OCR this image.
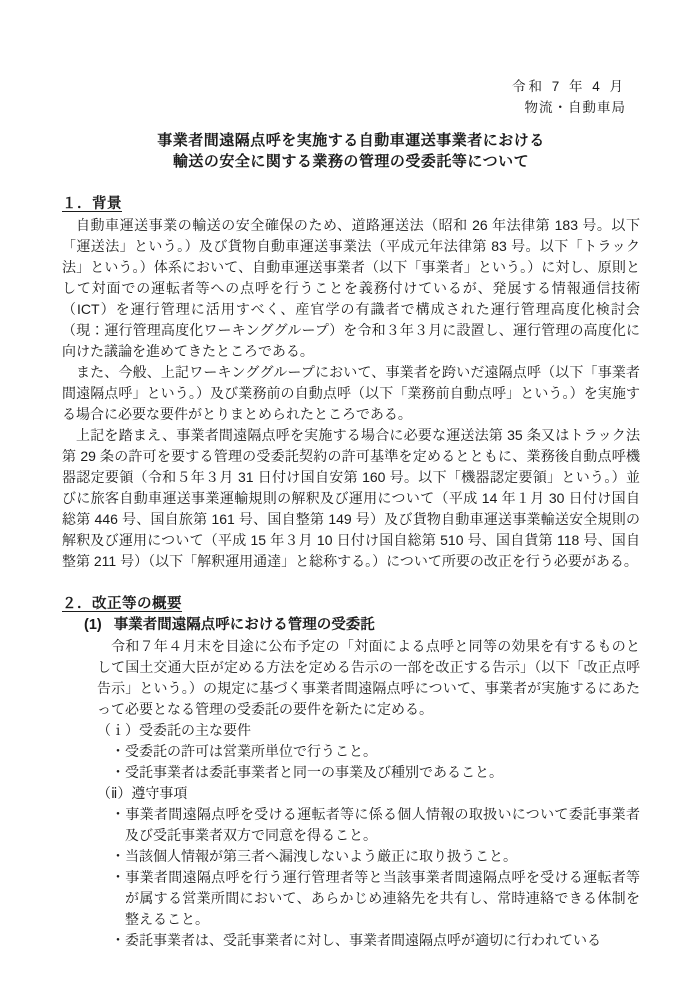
令和 7 年 4 月
物流・自動車局
事業者間遠隔点呼を実施する自動車運送事業者における
輸送の安全に関する業務の管理の受委託等について
１．背景

自動車運送事業の輸送の安全確保のため、道路運送法（昭和 26 年法律第 183 号。以下「運送法」という。）及び貨物自動車運送事業法（平成元年法律第 83 号。以下「トラック法」という。）体系において、自動車運送事業者（以下「事業者」という。）に対し、原則として対面での運転者等への点呼を行うことを義務付けているが、発展する情報通信技術（ICT）を運行管理に活用すべく、産官学の有識者で構成された運行管理高度化検討会（現：運行管理高度化ワーキンググループ）を令和３年３月に設置し、運行管理の高度化に向けた議論を進めてきたところである。

また、今般、上記ワーキンググループにおいて、事業者を跨いだ遠隔点呼（以下「事業者間遠隔点呼」という。）及び業務前の自動点呼（以下「業務前自動点呼」という。）を実施する場合に必要な要件がとりまとめられたところである。

上記を踏まえ、事業者間遠隔点呼を実施する場合に必要な運送法第 35 条又はトラック法第 29 条の許可を要する管理の受委託契約の許可基準を定めるとともに、業務後自動点呼機器認定要領（令和５年３月 31 日付け国自安第 160 号。以下「機器認定要領」という。）並びに旅客自動車運送事業運輸規則の解釈及び運用について（平成 14 年１月 30 日付け国自総第 446 号、国自旅第 161 号、国自整第 149 号）及び貨物自動車運送事業輸送安全規則の解釈及び運用について（平成 15 年３月 10 日付け国自総第 510 号、国自貨第 118 号、国自整第 211 号）（以下「解釈運用通達」と総称する。）について所要の改正を行う必要がある。

２．改正等の概要
(1) 事業者間遠隔点呼における管理の受委託

令和７年４月末を目途に公布予定の「対面による点呼と同等の効果を有するものとして国土交通大臣が定める方法を定める告示の一部を改正する告示」（以下「改正点呼告示」という。）の規定に基づく事業者間遠隔点呼について、事業者が実施するにあたって必要となる管理の受委託の要件を新たに定める。

（ｉ）受委託の主な要件
・受委託の許可は営業所単位で行うこと。
・受託事業者は委託事業者と同一の事業及び種別であること。
（ⅱ）遵守事項
・事業者間遠隔点呼を受ける運転者等に係る個人情報の取扱いについて委託事業者及び受託事業者双方で同意を得ること。
・当該個人情報が第三者へ漏洩しないよう厳正に取り扱うこと。
・事業者間遠隔点呼を行う運行管理者等と当該事業者間遠隔点呼を受ける運転者等が属する営業所間において、あらかじめ連絡先を共有し、常時連絡できる体制を整えること。
・委託事業者は、受託事業者に対し、事業者間遠隔点呼が適切に行われている
